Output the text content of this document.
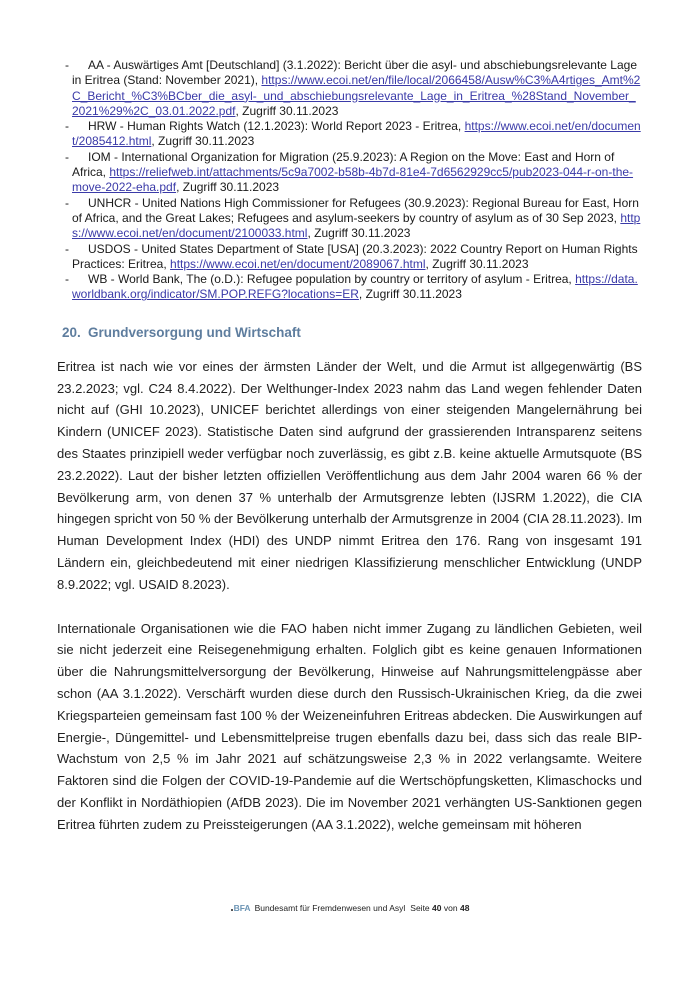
- AA - Auswärtiges Amt [Deutschland] (3.1.2022): Bericht über die asyl- und abschiebungsrelevante Lage in Eritrea (Stand: November 2021), https://www.ecoi.net/en/file/local/2066458/Ausw%C3%A4rtiges_Amt%2C_Bericht_%C3%BCber_die_asyl-_und_abschiebungsrelevante_Lage_in_Eritrea_%28Stand_November_2021%29%2C_03.01.2022.pdf, Zugriff 30.11.2023
- HRW - Human Rights Watch (12.1.2023): World Report 2023 - Eritrea, https://www.ecoi.net/en/document/2085412.html, Zugriff 30.11.2023
- IOM - International Organization for Migration (25.9.2023): A Region on the Move: East and Horn of Africa, https://reliefweb.int/attachments/5c9a7002-b58b-4b7d-81e4-7d6562929cc5/pub2023-044-r-on-the-move-2022-eha.pdf, Zugriff 30.11.2023
- UNHCR - United Nations High Commissioner for Refugees (30.9.2023): Regional Bureau for East, Horn of Africa, and the Great Lakes; Refugees and asylum-seekers by country of asylum as of 30 Sep 2023, https://www.ecoi.net/en/document/2100033.html, Zugriff 30.11.2023
- USDOS - United States Department of State [USA] (20.3.2023): 2022 Country Report on Human Rights Practices: Eritrea, https://www.ecoi.net/en/document/2089067.html, Zugriff 30.11.2023
- WB - World Bank, The (o.D.): Refugee population by country or territory of asylum - Eritrea, https://data.worldbank.org/indicator/SM.POP.REFG?locations=ER, Zugriff 30.11.2023
20. Grundversorgung und Wirtschaft

Eritrea ist nach wie vor eines der ärmsten Länder der Welt, und die Armut ist allgegenwärtig (BS 23.2.2023; vgl. C24 8.4.2022). Der Welthunger-Index 2023 nahm das Land wegen fehlender Daten nicht auf (GHI 10.2023), UNICEF berichtet allerdings von einer steigenden Mangelernährung bei Kindern (UNICEF 2023). Statistische Daten sind aufgrund der grassierenden Intransparenz seitens des Staates prinzipiell weder verfügbar noch zuverlässig, es gibt z.B. keine aktuelle Armutsquote (BS 23.2.2022). Laut der bisher letzten offiziellen Veröffentlichung aus dem Jahr 2004 waren 66 % der Bevölkerung arm, von denen 37 % unterhalb der Armutsgrenze lebten (IJSRM 1.2022), die CIA hingegen spricht von 50 % der Bevölkerung unterhalb der Armutsgrenze in 2004 (CIA 28.11.2023). Im Human Development Index (HDI) des UNDP nimmt Eritrea den 176. Rang von insgesamt 191 Ländern ein, gleichbedeutend mit einer niedrigen Klassifizierung menschlicher Entwicklung (UNDP 8.9.2022; vgl. USAID 8.2023).

Internationale Organisationen wie die FAO haben nicht immer Zugang zu ländlichen Gebieten, weil sie nicht jederzeit eine Reisegenehmigung erhalten. Folglich gibt es keine genauen Informationen über die Nahrungsmittelversorgung der Bevölkerung, Hinweise auf Nahrungsmittelengpässe aber schon (AA 3.1.2022). Verschärft wurden diese durch den Russisch-Ukrainischen Krieg, da die zwei Kriegsparteien gemeinsam fast 100 % der Weizeneinfuhren Eritreas abdecken. Die Auswirkungen auf Energie-, Düngemittel- und Lebensmittelpreise trugen ebenfalls dazu bei, dass sich das reale BIP-Wachstum von 2,5 % im Jahr 2021 auf schätzungsweise 2,3 % in 2022 verlangsamte. Weitere Faktoren sind die Folgen der COVID-19-Pandemie auf die Wertschöpfungsketten, Klimaschocks und der Konflikt in Nordäthiopien (AfDB 2023). Die im November 2021 verhängten US-Sanktionen gegen Eritrea führten zudem zu Preissteigerungen (AA 3.1.2022), welche gemeinsam mit höheren

BFA Bundesamt für Fremdenwesen und Asyl Seite 40 von 48
